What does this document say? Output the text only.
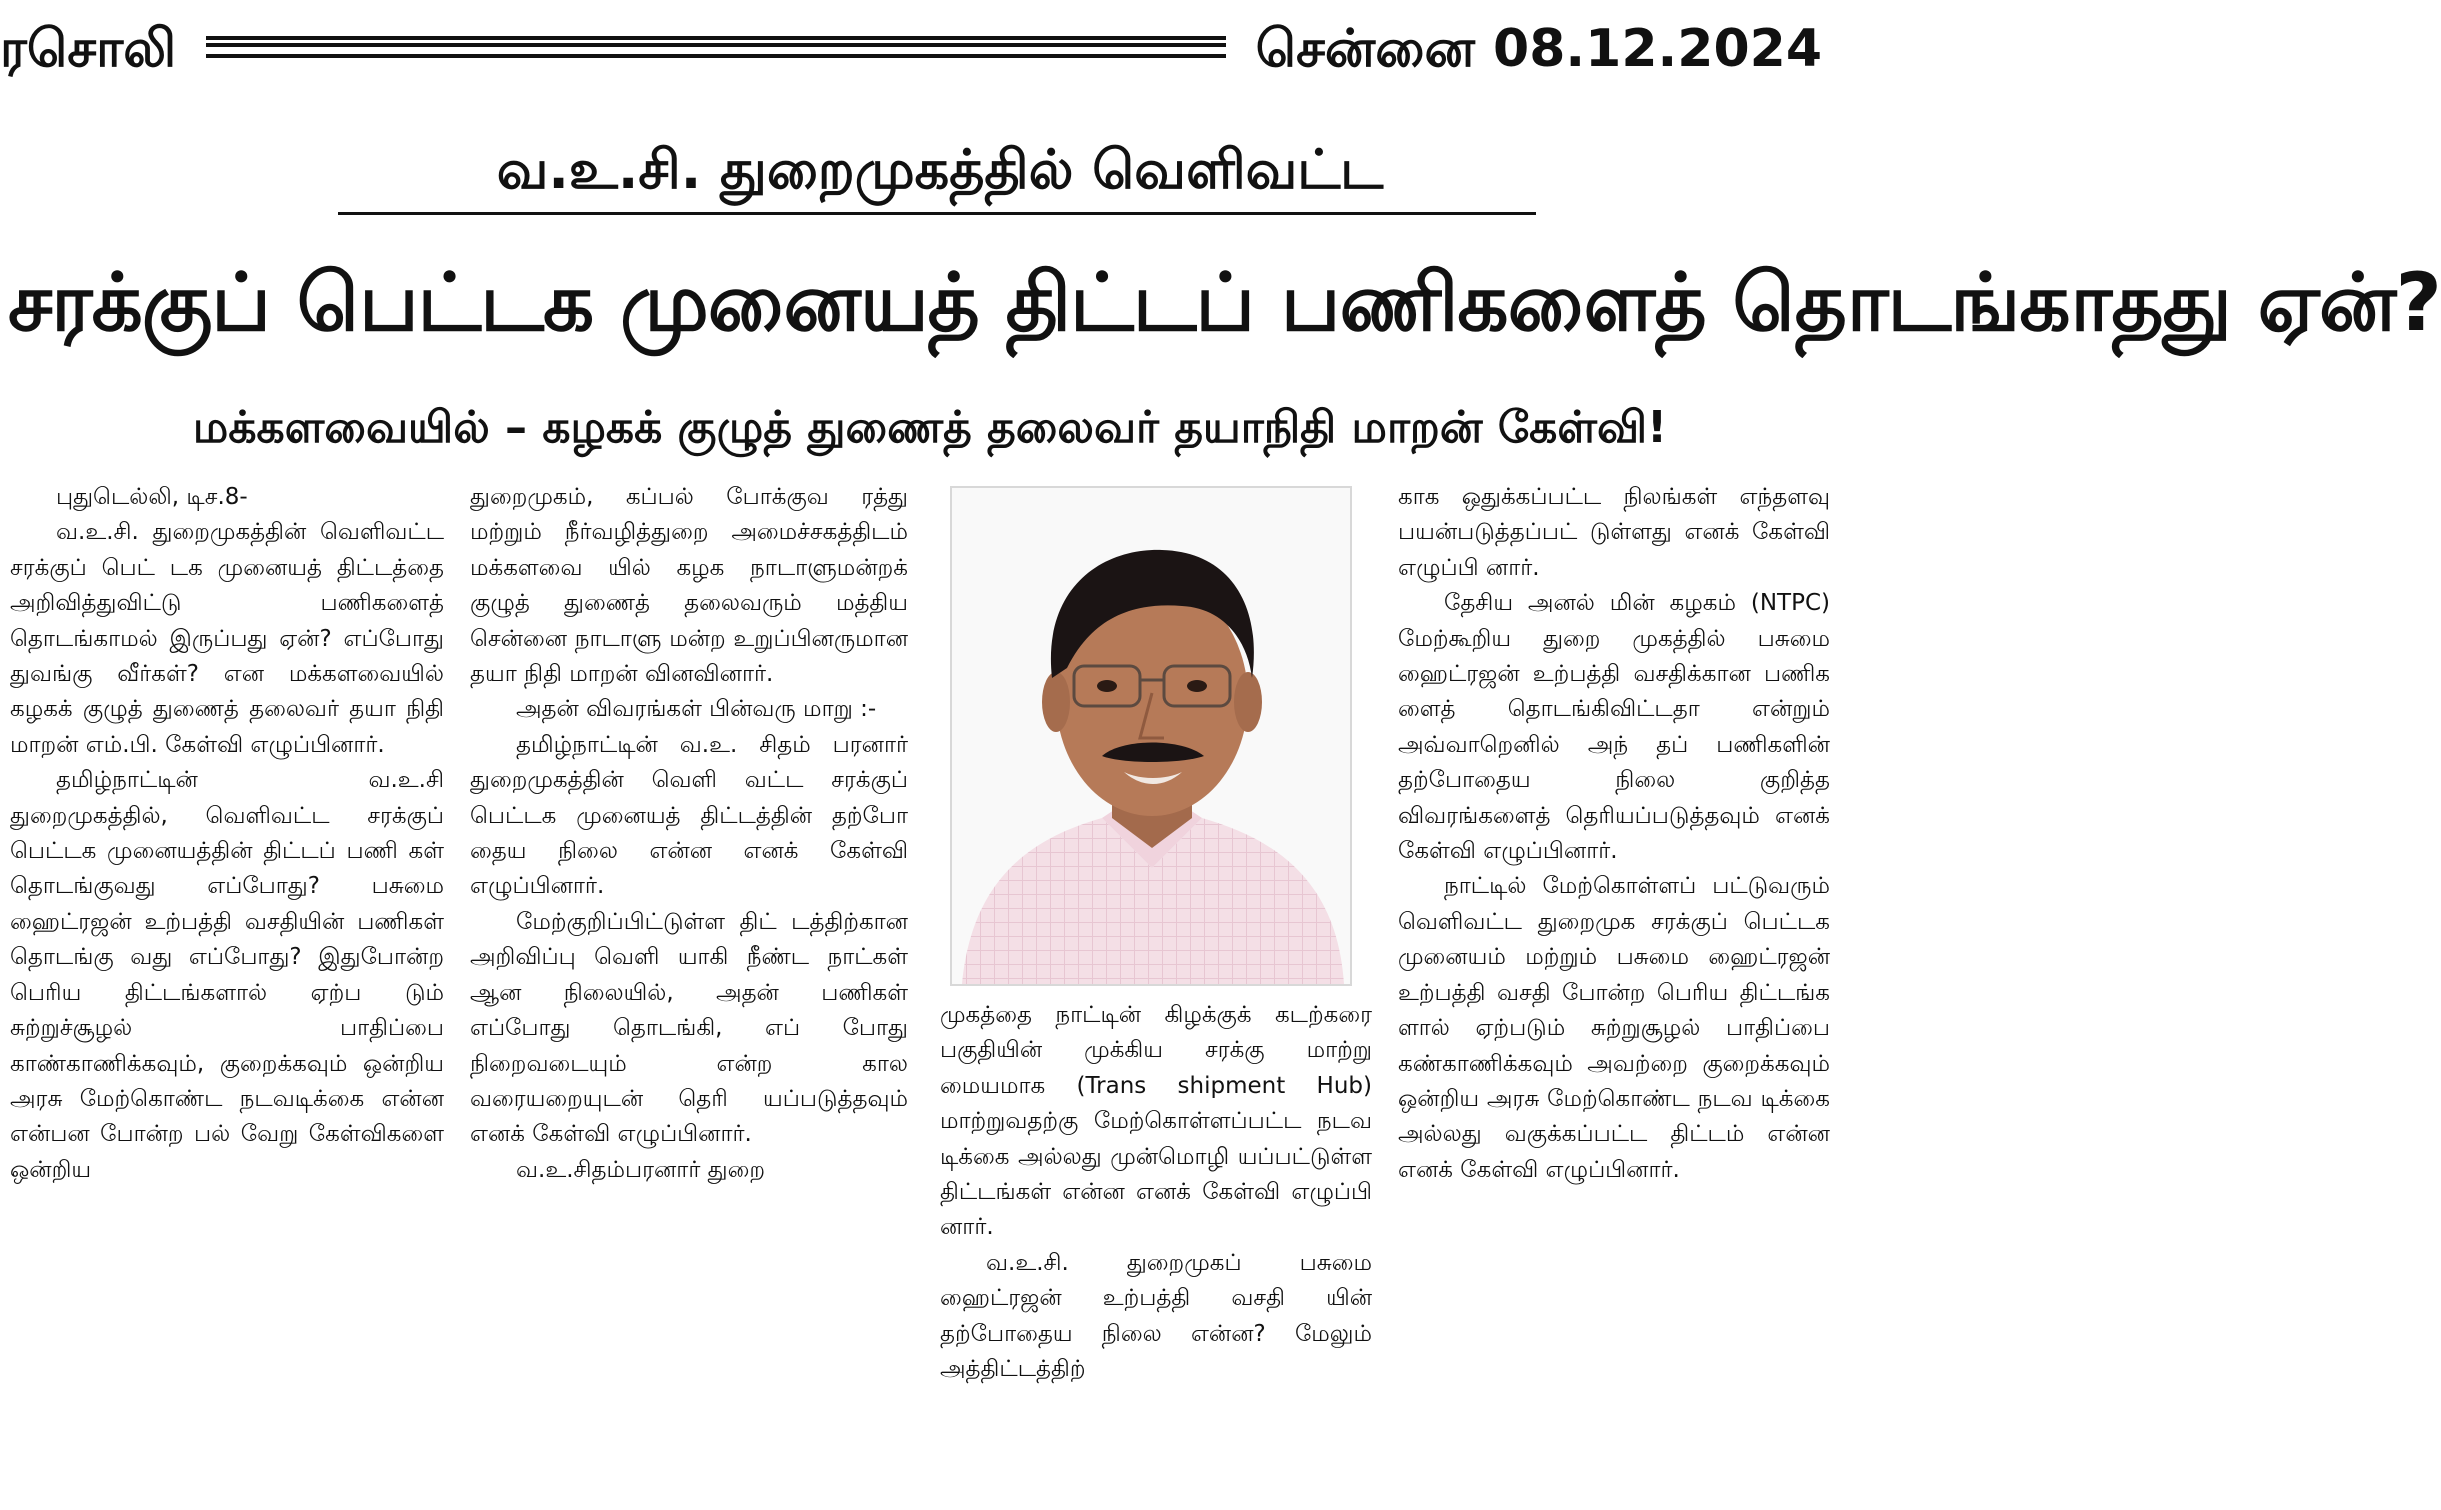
ரசொலி	சென்னை 08.12.2024
வ.உ.சி. துறைமுகத்தில் வெளிவட்ட
சரக்குப் பெட்டக முனையத் திட்டப் பணிகளைத் தொடங்காதது ஏன்?
மக்களவையில் – கழகக் குழுத் துணைத் தலைவர் தயாநிதி மாறன் கேள்வி!

புதுடெல்லி, டிச.8-

வ.உ.சி. துறைமுகத்தின் வெளிவட்ட சரக்குப் பெட் டக முனையத் திட்டத்தை அறிவித்துவிட்டு பணிகளைத் தொடங்காமல் இருப்பது ஏன்? எப்போது துவங்கு வீர்கள்? என மக்களவையில் கழகக் குழுத் துணைத் தலைவர் தயா நிதி மாறன் எம்.பி. கேள்வி எழுப்பினார்.

தமிழ்நாட்டின் வ.உ.சி துறைமுகத்தில், வெளிவட்ட சரக்குப் பெட்டக முனையத்தின் திட்டப் பணி கள் தொடங்குவது எப்போது? பசுமை ஹைட்ரஜன் உற்பத்தி வசதியின் பணிகள் தொடங்கு வது எப்போது? இதுபோன்ற பெரிய திட்டங்களால் ஏற்ப டும் சுற்றுச்சூழல் பாதிப்பை காண்காணிக்கவும், குறைக்கவும் ஒன்றிய அரசு மேற்கொண்ட நடவடிக்கை என்ன என்பன போன்ற பல் வேறு கேள்விகளை ஒன்றிய

துறைமுகம், கப்பல் போக்குவ ரத்து மற்றும் நீர்வழித்துறை அமைச்சகத்திடம் மக்களவை யில் கழக நாடாளுமன்றக் குழுத் துணைத் தலைவரும் மத்திய சென்னை நாடாளு மன்ற உறுப்பினருமான தயா நிதி மாறன் வினவினார்.

அதன் விவரங்கள் பின்வரு மாறு :-

தமிழ்நாட்டின் வ.உ. சிதம் பரனார் துறைமுகத்தின் வெளி வட்ட சரக்குப் பெட்டக முனையத் திட்டத்தின் தற்போ தைய நிலை என்ன எனக் கேள்வி எழுப்பினார்.

மேற்குறிப்பிட்டுள்ள திட் டத்திற்கான அறிவிப்பு வெளி யாகி நீண்ட நாட்கள் ஆன நிலையில், அதன் பணிகள் எப்போது தொடங்கி, எப் போது நிறைவடையும் என்ற கால வரையறையுடன் தெரி யப்படுத்தவும் எனக் கேள்வி எழுப்பினார்.

வ.உ.சிதம்பரனார் துறை

முகத்தை நாட்டின் கிழக்குக் கடற்கரை பகுதியின் முக்கிய சரக்கு மாற்று மையமாக (Trans shipment Hub) மாற்றுவதற்கு மேற்கொள்ளப்பட்ட நடவ டிக்கை அல்லது முன்மொழி யப்பட்டுள்ள திட்டங்கள் என்ன எனக் கேள்வி எழுப்பி னார்.

வ.உ.சி. துறைமுகப் பசுமை ஹைட்ரஜன் உற்பத்தி வசதி யின் தற்போதைய நிலை என்ன? மேலும் அத்திட்டத்திற்

காக ஒதுக்கப்பட்ட நிலங்கள் எந்தளவு பயன்படுத்தப்பட் டுள்ளது எனக் கேள்வி எழுப்பி னார்.

தேசிய அனல் மின் கழகம் (NTPC) மேற்கூறிய துறை முகத்தில் பசுமை ஹைட்ரஜன் உற்பத்தி வசதிக்கான பணிக ளைத் தொடங்கிவிட்டதா என்றும் அவ்வாறெனில் அந் தப் பணிகளின் தற்போதைய நிலை குறித்த விவரங்களைத் தெரியப்படுத்தவும் எனக் கேள்வி எழுப்பினார்.

நாட்டில் மேற்கொள்ளப் பட்டுவரும் வெளிவட்ட துறைமுக சரக்குப் பெட்டக முனையம் மற்றும் பசுமை ஹைட்ரஜன் உற்பத்தி வசதி போன்ற பெரிய திட்டங்க ளால் ஏற்படும் சுற்றுசூழல் பாதிப்பை கண்காணிக்கவும் அவற்றை குறைக்கவும் ஒன்றிய அரசு மேற்கொண்ட நடவ டிக்கை அல்லது வகுக்கப்பட்ட திட்டம் என்ன எனக் கேள்வி எழுப்பினார்.
